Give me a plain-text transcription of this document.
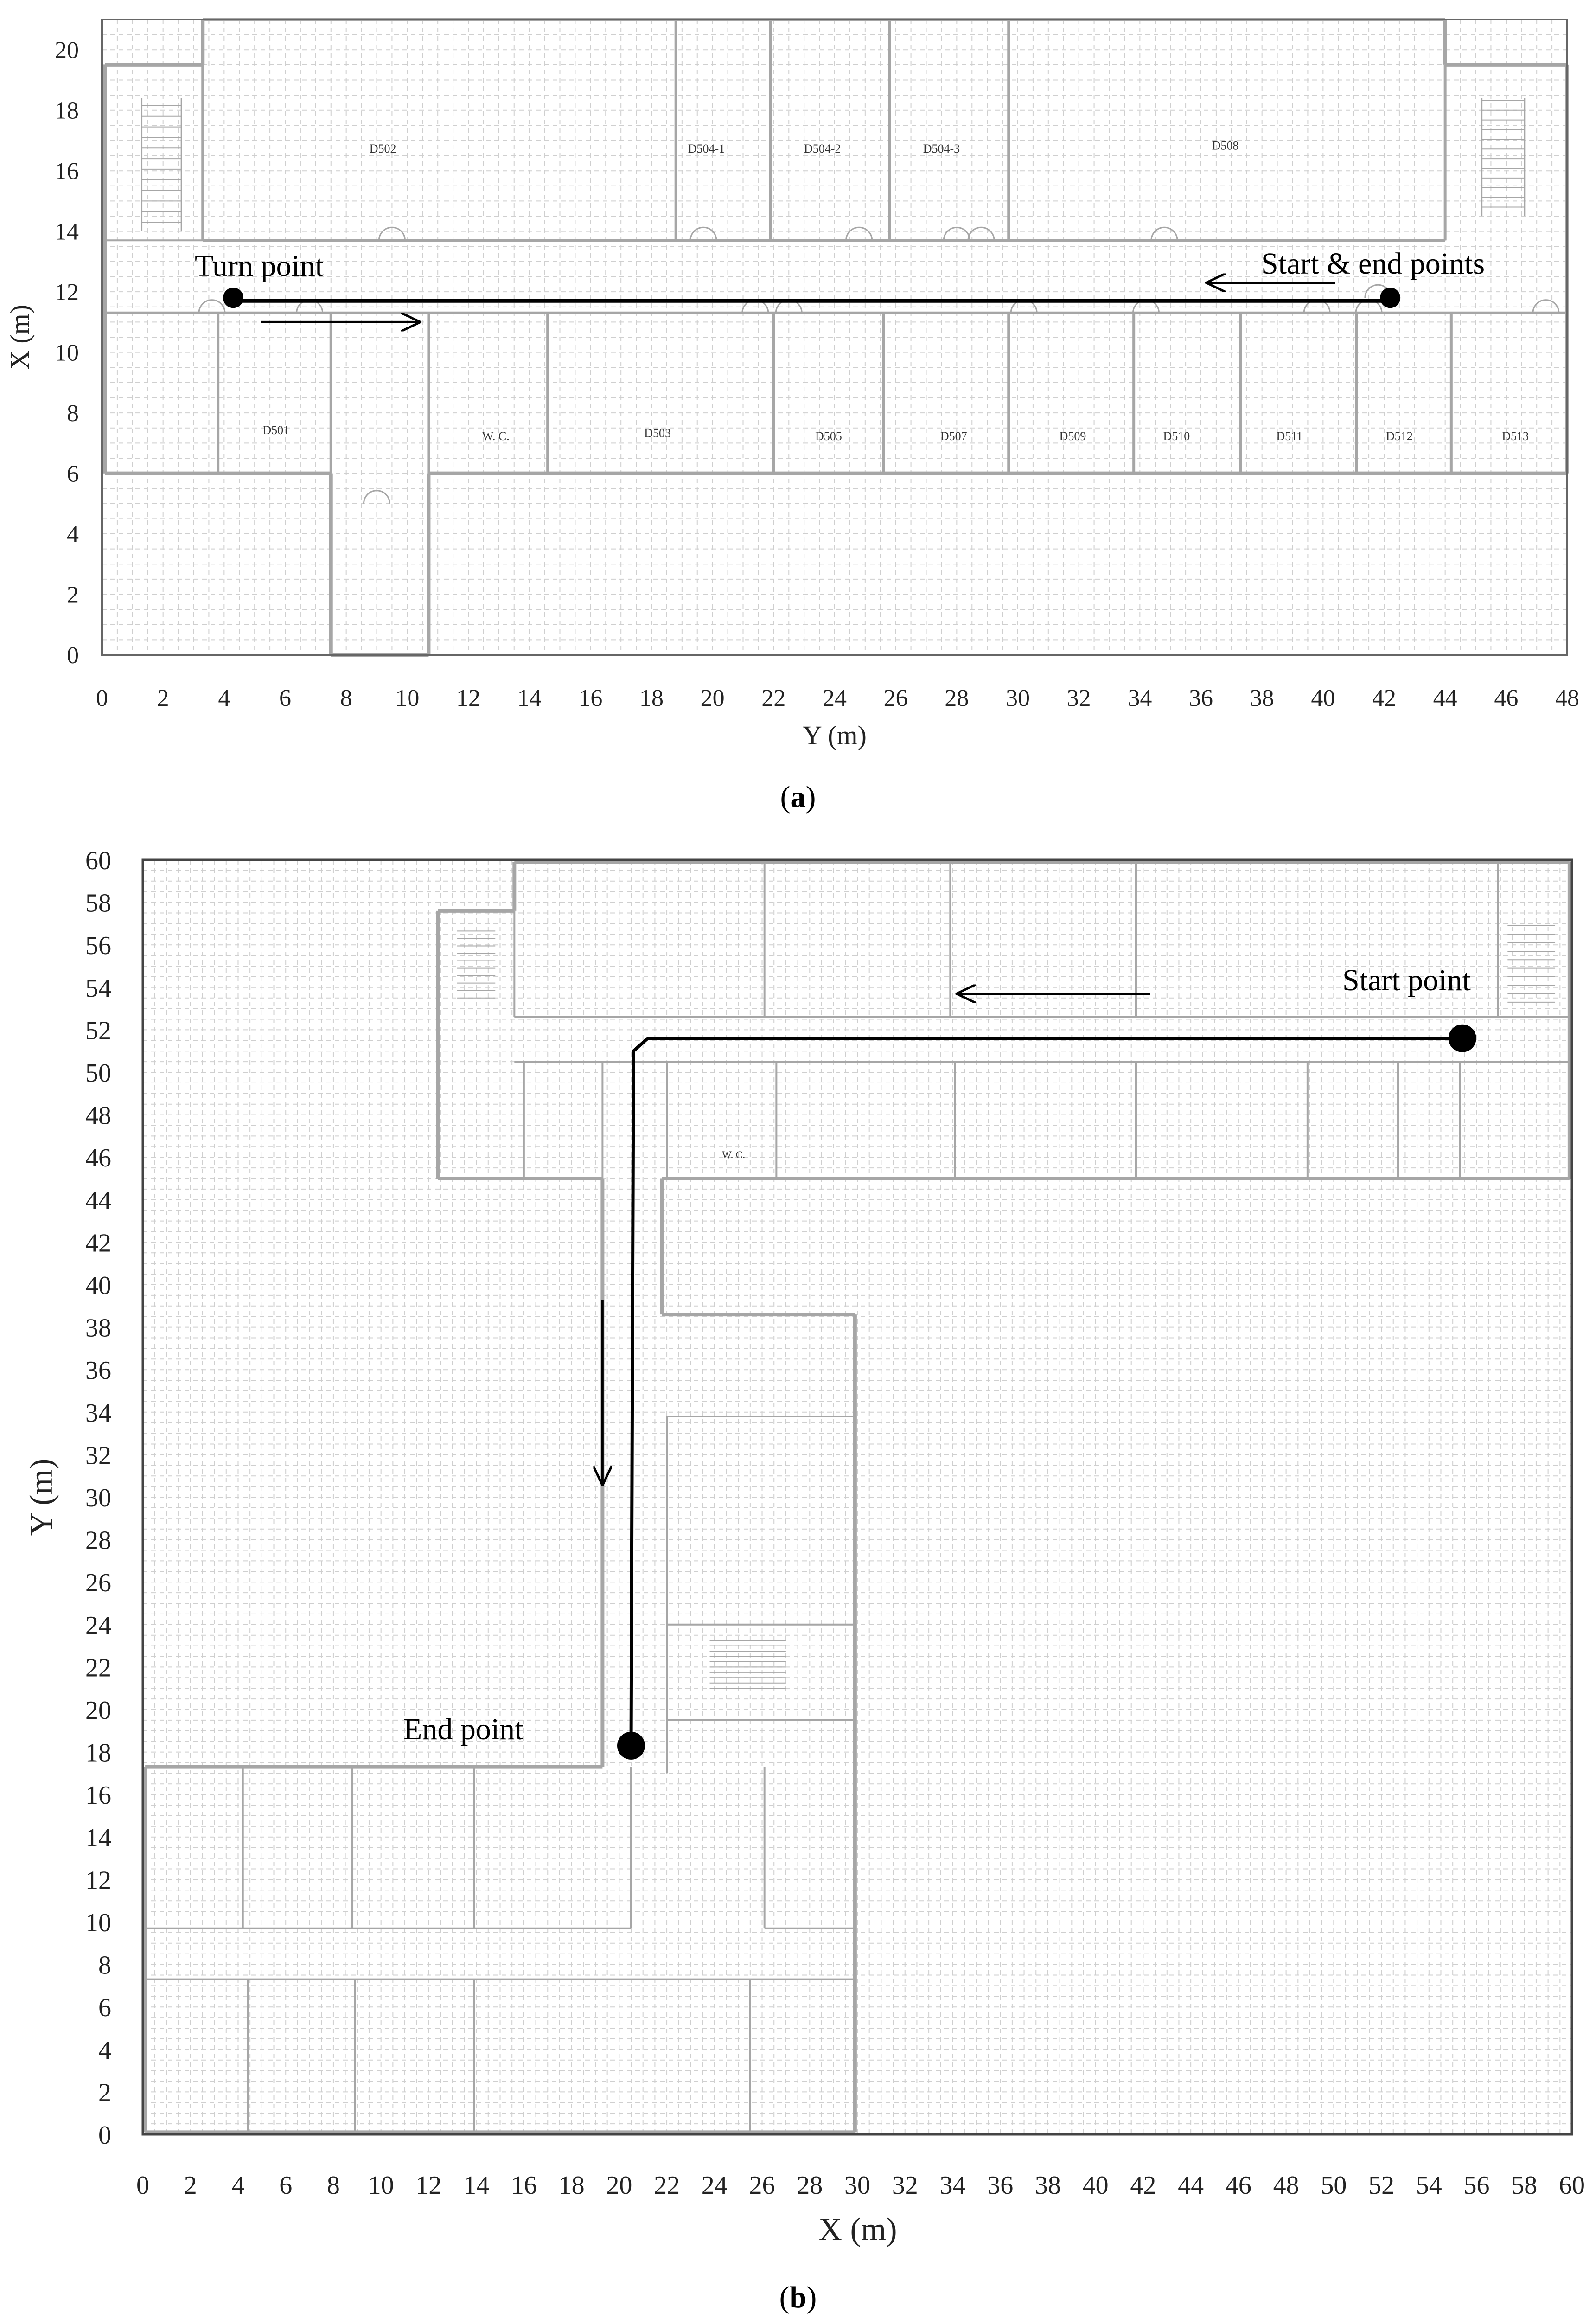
D502	D504-1	D504-2	D504-3	D508
D501	W. C.	D503	D505	D507	D509	D510	D511	D512	D513
0 2 4 6 8 10 12 14 16 18 20 22 24 26 28 30 32 34 36 38 40 42 44 46 48
0
2
4
6
8
10
12
14
16
18
20
Y (m)
X (m)
Turn point	Start & end points
(a)
W. C.
0 2 4 6 8 10 12 14 16 18 20 22 24 26 28 30 32 34 36 38 40 42 44 46 48 50 52 54 56 58 60
0
2
4
6
8
10
12
14
16
18
20
22
24
26
28
30
32
34
36
38
40
42
44
46
48
50
52
54
56
58
60
X (m)
Y (m)
Start point
End point
(b)
